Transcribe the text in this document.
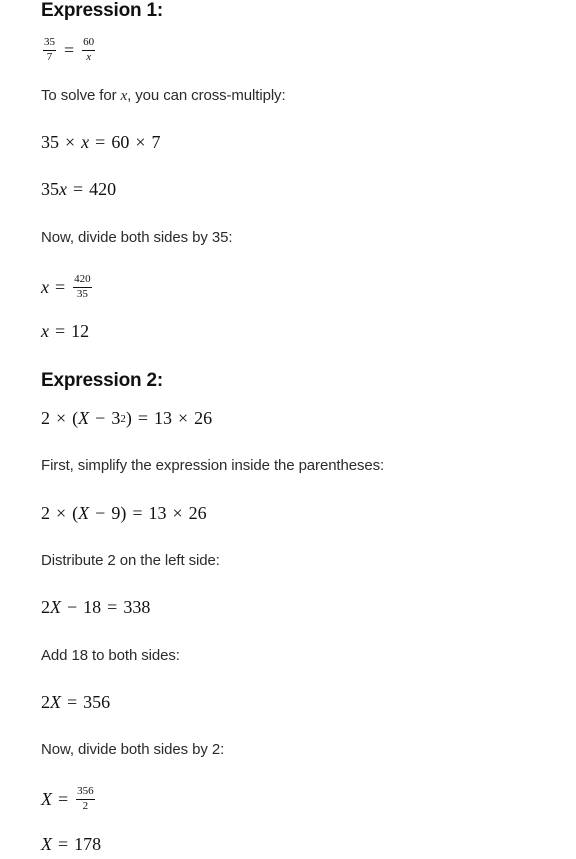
Expression 1:
$\frac{35}{7} = \frac{60}{x}$
To solve for x, you can cross-multiply:
35 × x = 60 × 7
35 x = 420
Now, divide both sides by 35:
$x = \frac{420}{35}$
x = 12
Expression 2:
2 × ( X − 3 2 ) = 13 × 26
First, simplify the expression inside the parentheses:
2 × ( X − 9 ) = 13 × 26
Distribute 2 on the left side:
2 X − 18 = 338
Add 18 to both sides:
2 X = 356
Now, divide both sides by 2:
$X = \frac{356}{2}$
X = 178
